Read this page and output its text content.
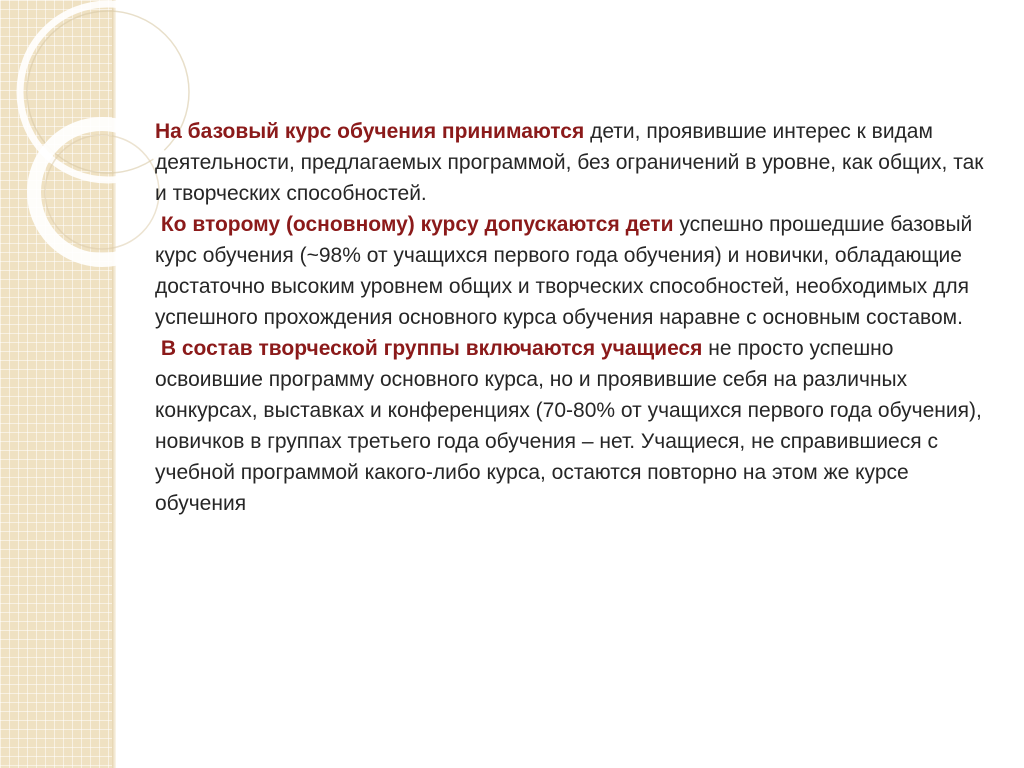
На базовый курс обучения принимаются дети, проявившие интерес к видам деятельности, предлагаемых программой, без ограничений в уровне, как общих, так и творческих способностей.

Ко второму (основному) курсу допускаются дети успешно прошедшие базовый курс обучения (~98% от учащихся первого года обучения) и новички, обладающие достаточно высоким уровнем общих и творческих способностей, необходимых для успешного прохождения основного курса обучения наравне с основным составом.

В состав творческой группы включаются учащиеся не просто успешно освоившие программу основного курса, но и проявившие себя на различных конкурсах, выставках и конференциях (70-80% от учащихся первого года обучения), новичков в группах третьего года обучения – нет. Учащиеся, не справившиеся с учебной программой какого-либо курса, остаются повторно на этом же курсе обучения
